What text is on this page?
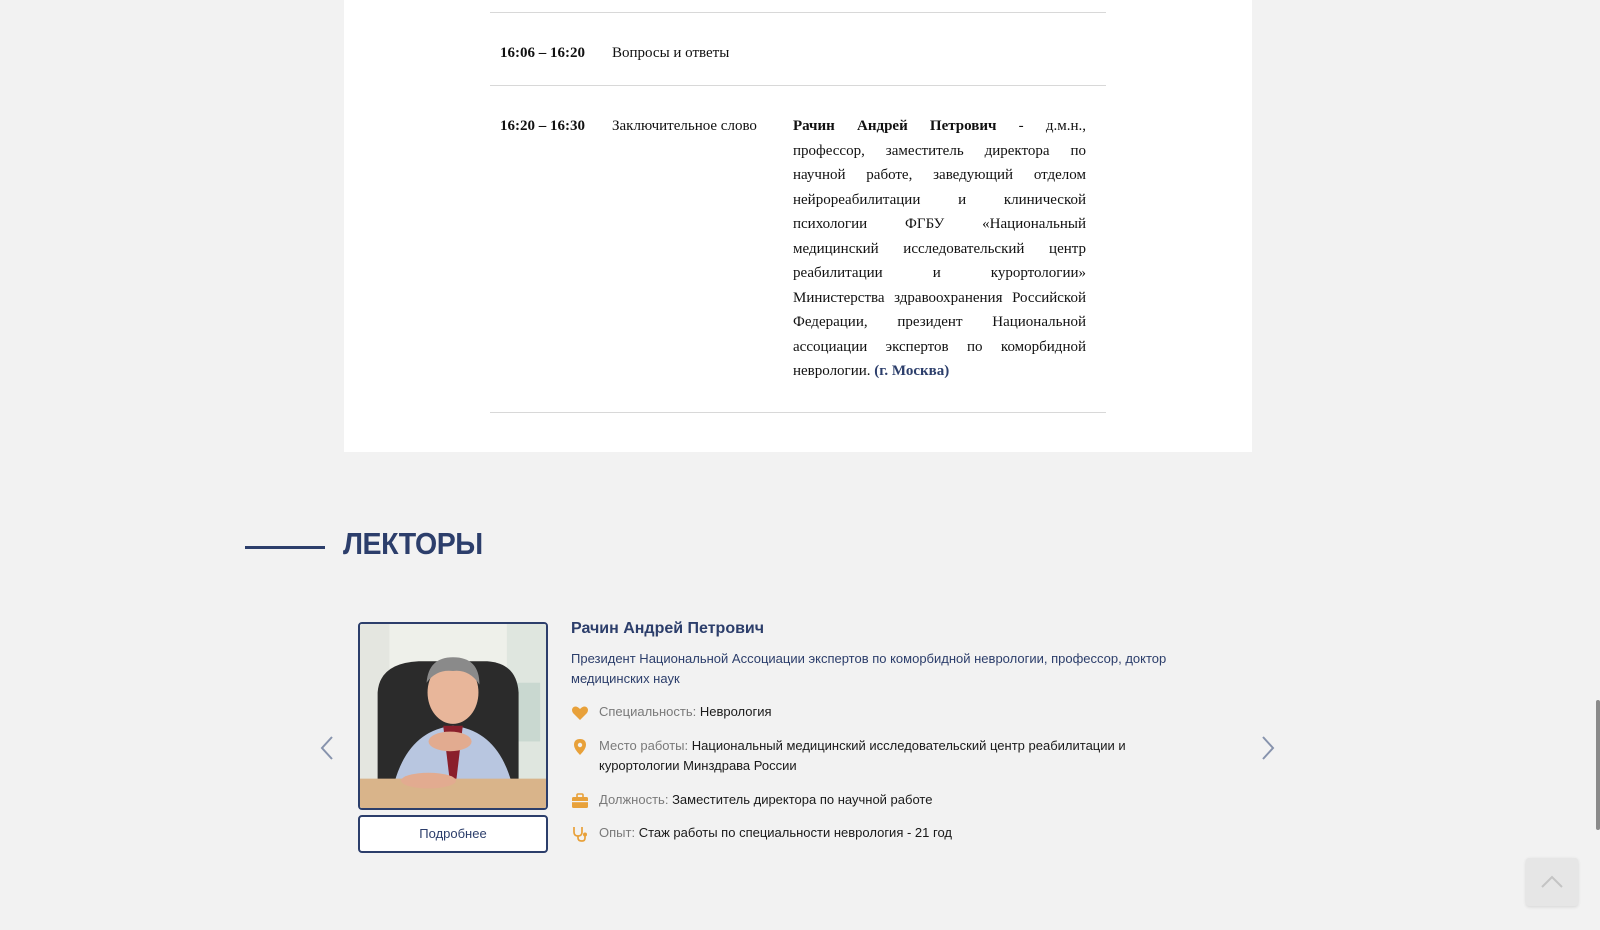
16:06 – 16:20	Вопросы и ответы
16:20 – 16:30	Заключительное слово	Рачин Андрей Петрович - д.м.н., профессор, заместитель директора по научной работе, заведующий отделом нейрореабилитации и клинической психологии ФГБУ «Национальный медицинский исследовательский центр реабилитации и курортологии» Министерства здравоохранения Российской Федерации, президент Национальной ассоциации экспертов по коморбидной неврологии. (г. Москва)
ЛЕКТОРЫ
Подробнее
Рачин Андрей Петрович
Президент Национальной Ассоциации экспертов по коморбидной неврологии, профессор, доктор медицинских наук
Специальность: Неврология
Место работы: Национальный медицинский исследовательский центр реабилитации и курортологии Минздрава России
Должность: Заместитель директора по научной работе
Опыт: Стаж работы по специальности неврология - 21 год
